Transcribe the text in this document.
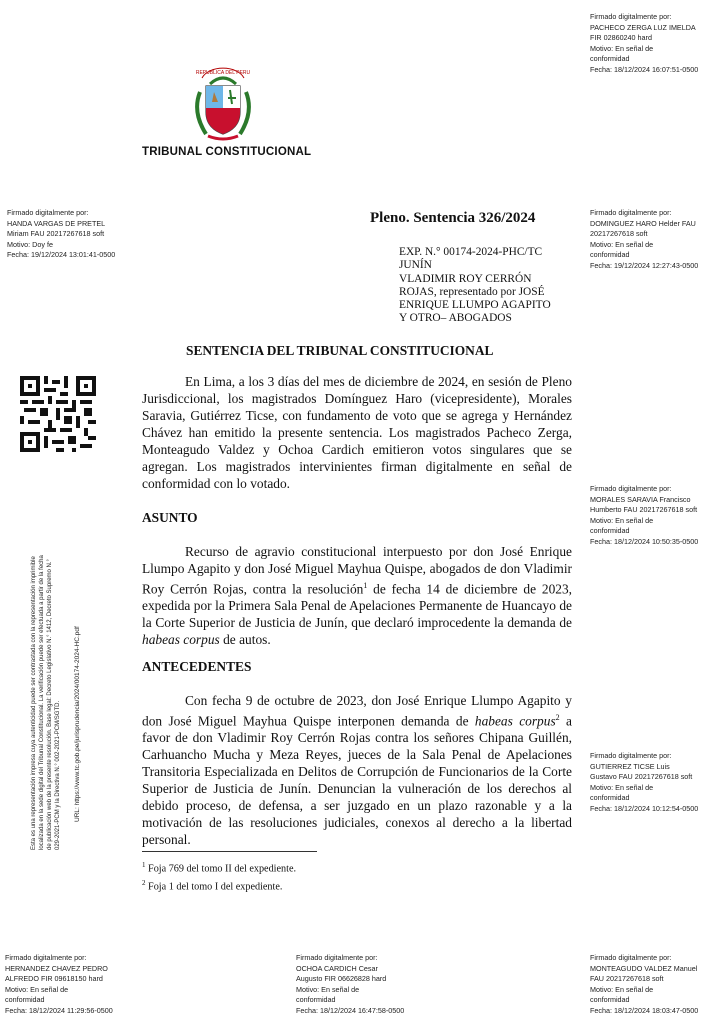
Firmado digitalmente por:
PACHECO ZERGA LUZ IMELDA
FIR 02860240 hard
Motivo: En señal de
conformidad
Fecha: 18/12/2024 16:07:51-0500
REPUBLICA DEL PERU
TRIBUNAL CONSTITUCIONAL
Firmado digitalmente por:
HANDA VARGAS DE PRETEL
Miriam FAU 20217267618 soft
Motivo: Doy fe
Fecha: 19/12/2024 13:01:41-0500
Firmado digitalmente por:
DOMINGUEZ HARO Helder FAU
20217267618 soft
Motivo: En señal de
conformidad
Fecha: 19/12/2024 12:27:43-0500
Pleno. Sentencia 326/2024
EXP. N.° 00174-2024-PHC/TC
JUNÍN
VLADIMIR ROY CERRÓN
ROJAS, representado por JOSÉ
ENRIQUE LLUMPO AGAPITO
Y OTRO– ABOGADOS
SENTENCIA DEL TRIBUNAL CONSTITUCIONAL
Esta es una representación impresa cuya autenticidad puede ser contrastada con la representación imprimible localizada en la sede digital del Tribunal Constitucional. La verificación puede ser efectuada a partir de la fecha de publicación web de la presente resolución. Base legal: Decreto Legislativo N.° 1412, Decreto Supremo N.° 029-2021-PCM y la Directiva N.° 002-2021-PCM/SGTD. URL: https://www.tc.gob.pe/jurisprudencia/2024/00174-2024-HC.pdf

En Lima, a los 3 días del mes de diciembre de 2024, en sesión de Pleno Jurisdiccional, los magistrados Domínguez Haro (vicepresidente), Morales Saravia, Gutiérrez Ticse, con fundamento de voto que se agrega y Hernández Chávez han emitido la presente sentencia. Los magistrados Pacheco Zerga, Monteagudo Valdez y Ochoa Cardich emitieron votos singulares que se agregan. Los magistrados intervinientes firman digitalmente en señal de conformidad con lo votado.	Firmado digitalmente por:
MORALES SARAVIA Francisco
Humberto FAU 20217267618 soft
Motivo: En señal de
conformidad
Fecha: 18/12/2024 10:50:35-0500
ASUNTO

Recurso de agravio constitucional interpuesto por don José Enrique Llumpo Agapito y don José Miguel Mayhua Quispe, abogados de don Vladimir Roy Cerrón Rojas, contra la resolución$^1$ de fecha 14 de diciembre de 2023, expedida por la Primera Sala Penal de Apelaciones Permanente de Huancayo de la Corte Superior de Justicia de Junín, que declaró improcedente la demanda de habeas corpus de autos.

ANTECEDENTES

Con fecha 9 de octubre de 2023, don José Enrique Llumpo Agapito y don José Miguel Mayhua Quispe interponen demanda de habeas corpus$^2$ a favor de don Vladimir Roy Cerrón Rojas contra los señores Chipana Guillén, Carhuancho Mucha y Meza Reyes, jueces de la Sala Penal de Apelaciones Transitoria Especializada en Delitos de Corrupción de Funcionarios de la Corte Superior de Justicia de Junín. Denuncian la vulneración de los derechos al debido proceso, de defensa, a ser juzgado en un plazo razonable y a la motivación de las resoluciones judiciales, conexos al derecho a la libertad personal.

Firmado digitalmente por:
GUTIERREZ TICSE Luis
Gustavo FAU 20217267618 soft
Motivo: En señal de
conformidad
Fecha: 18/12/2024 10:12:54-0500
$^1$ Foja 769 del tomo II del expediente.
$^2$ Foja 1 del tomo I del expediente.
Firmado digitalmente por:
HERNANDEZ CHAVEZ PEDRO
ALFREDO FIR 09618150 hard
Motivo: En señal de
conformidad
Fecha: 18/12/2024 11:29:56-0500
Firmado digitalmente por:
OCHOA CARDICH Cesar
Augusto FIR 06626828 hard
Motivo: En señal de
conformidad
Fecha: 18/12/2024 16:47:58-0500
Firmado digitalmente por:
MONTEAGUDO VALDEZ Manuel
FAU 20217267618 soft
Motivo: En señal de
conformidad
Fecha: 18/12/2024 18:03:47-0500
